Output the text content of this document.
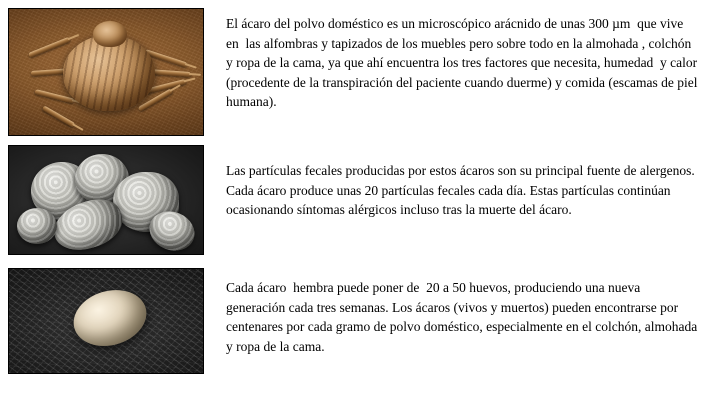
El ácaro del polvo doméstico es un microscópico arácnido de unas 300 µm  que vive  en  las alfombras y tapizados de los muebles pero sobre todo en la almohada , colchón y ropa de la cama, ya que ahí encuentra los tres factores que necesita, humedad  y calor (procedente de la transpiración del paciente cuando duerme) y comida (escamas de piel humana).
Las partículas fecales producidas por estos ácaros son su principal fuente de alergenos. Cada ácaro produce unas 20 partículas fecales cada día. Estas partículas continúan ocasionando síntomas alérgicos incluso tras la muerte del ácaro.
Cada ácaro  hembra puede poner de  20 a 50 huevos, produciendo una nueva generación cada tres semanas. Los ácaros (vivos y muertos) pueden encontrarse por centenares por cada gramo de polvo doméstico, especialmente en el colchón, almohada y ropa de la cama.
